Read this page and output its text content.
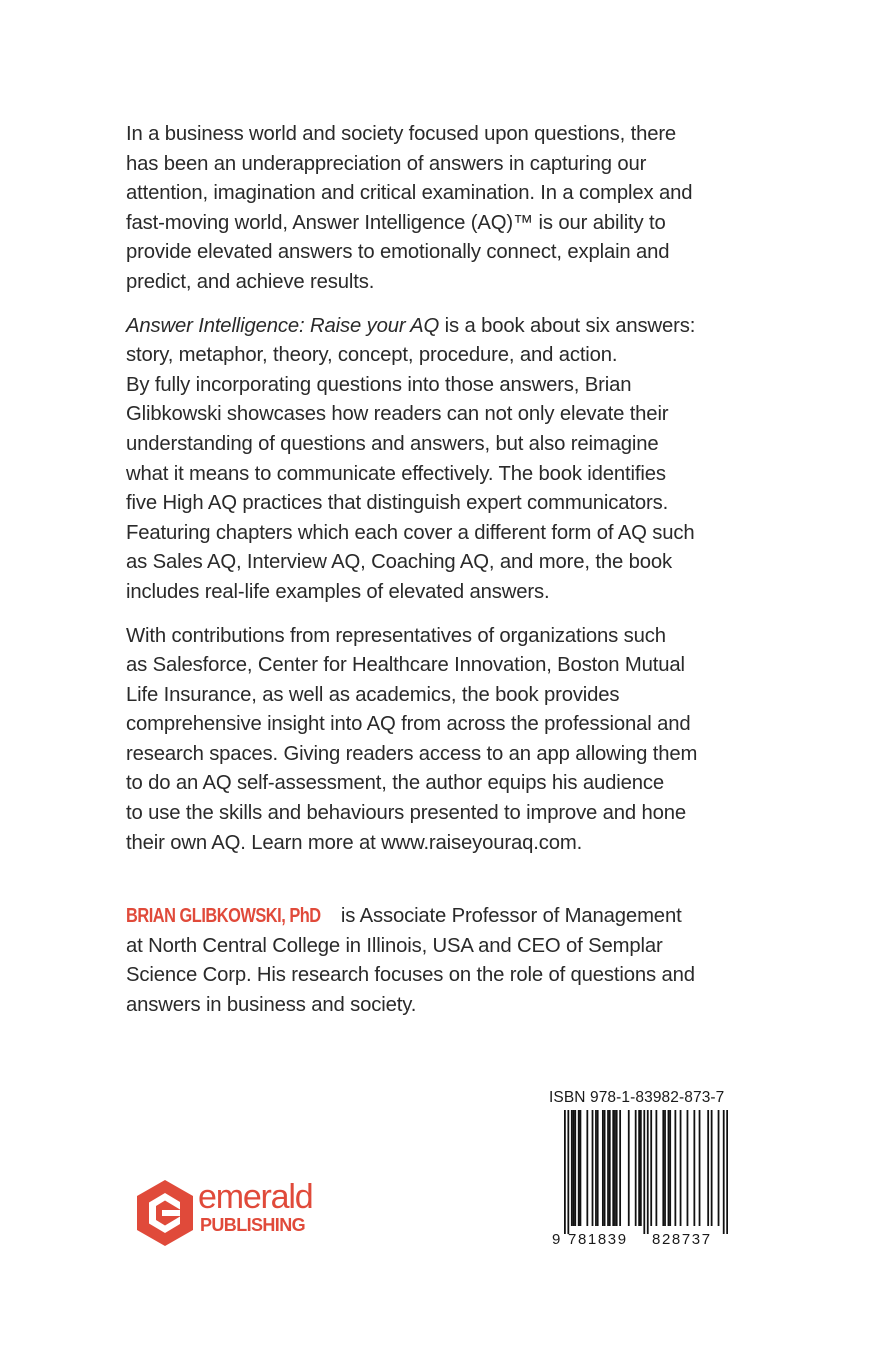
In a business world and society focused upon questions, there
has been an underappreciation of answers in capturing our
attention, imagination and critical examination. In a complex and
fast-moving world, Answer Intelligence (AQ)™ is our ability to
provide elevated answers to emotionally connect, explain and
predict, and achieve results.

Answer Intelligence: Raise your AQ is a book about six answers:
story, metaphor, theory, concept, procedure, and action.
By fully incorporating questions into those answers, Brian
Glibkowski showcases how readers can not only elevate their
understanding of questions and answers, but also reimagine
what it means to communicate effectively. The book identifies
five High AQ practices that distinguish expert communicators.
Featuring chapters which each cover a different form of AQ such
as Sales AQ, Interview AQ, Coaching AQ, and more, the book
includes real-life examples of elevated answers.

With contributions from representatives of organizations such
as Salesforce, Center for Healthcare Innovation, Boston Mutual
Life Insurance, as well as academics, the book provides
comprehensive insight into AQ from across the professional and
research spaces. Giving readers access to an app allowing them
to do an AQ self-assessment, the author equips his audience
to use the skills and behaviours presented to improve and hone
their own AQ. Learn more at www.raiseyouraq.com.

BRIAN GLIBKOWSKI, PhD is Associate Professor of Management
at North Central College in Illinois, USA and CEO of Semplar
Science Corp. His research focuses on the role of questions and
answers in business and society.

emerald
PUBLISHING
ISBN 978-1-83982-873-7
9 781839 828737
